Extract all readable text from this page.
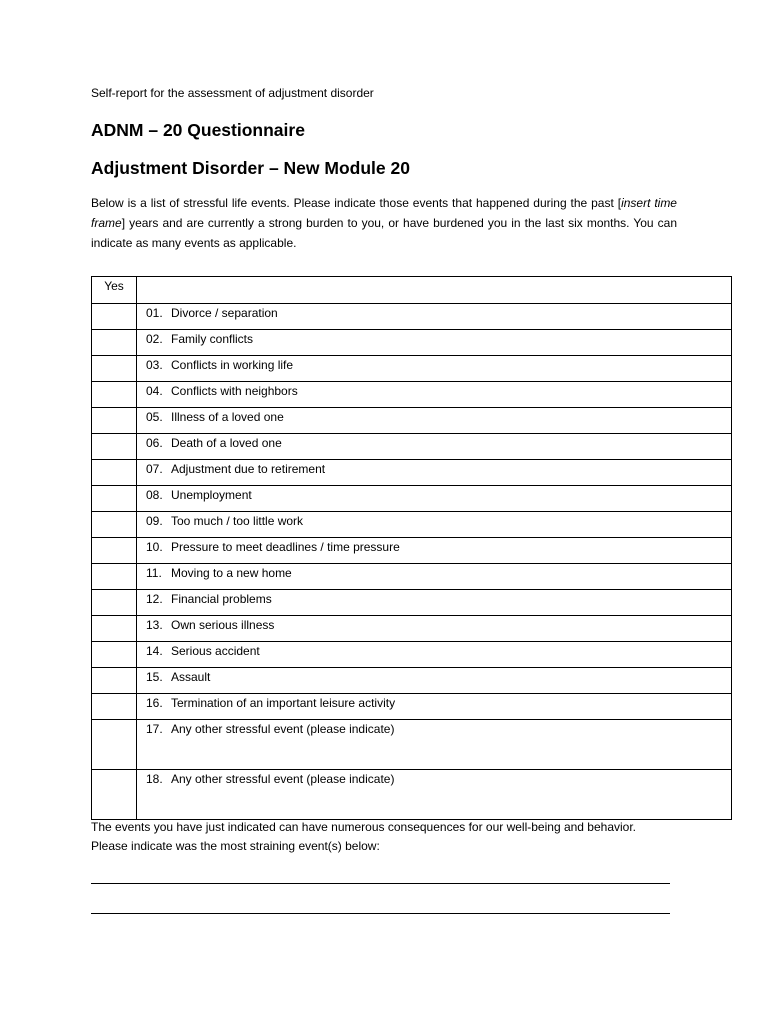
Self-report for the assessment of adjustment disorder
ADNM – 20 Questionnaire
Adjustment Disorder – New Module 20
Below is a list of stressful life events. Please indicate those events that happened during the past [insert time frame] years and are currently a strong burden to you, or have burdened you in the last six months. You can indicate as many events as applicable.
Yes	
	01. Divorce / separation
	02. Family conflicts
	03. Conflicts in working life
	04. Conflicts with neighbors
	05. Illness of a loved one
	06. Death of a loved one
	07. Adjustment due to retirement
	08. Unemployment
	09. Too much / too little work
	10. Pressure to meet deadlines / time pressure
	11. Moving to a new home
	12. Financial problems
	13. Own serious illness
	14. Serious accident
	15. Assault
	16. Termination of an important leisure activity
	17. Any other stressful event (please indicate)
	18. Any other stressful event (please indicate)
The events you have just indicated can have numerous consequences for our well-being and behavior.
Please indicate was the most straining event(s) below:
